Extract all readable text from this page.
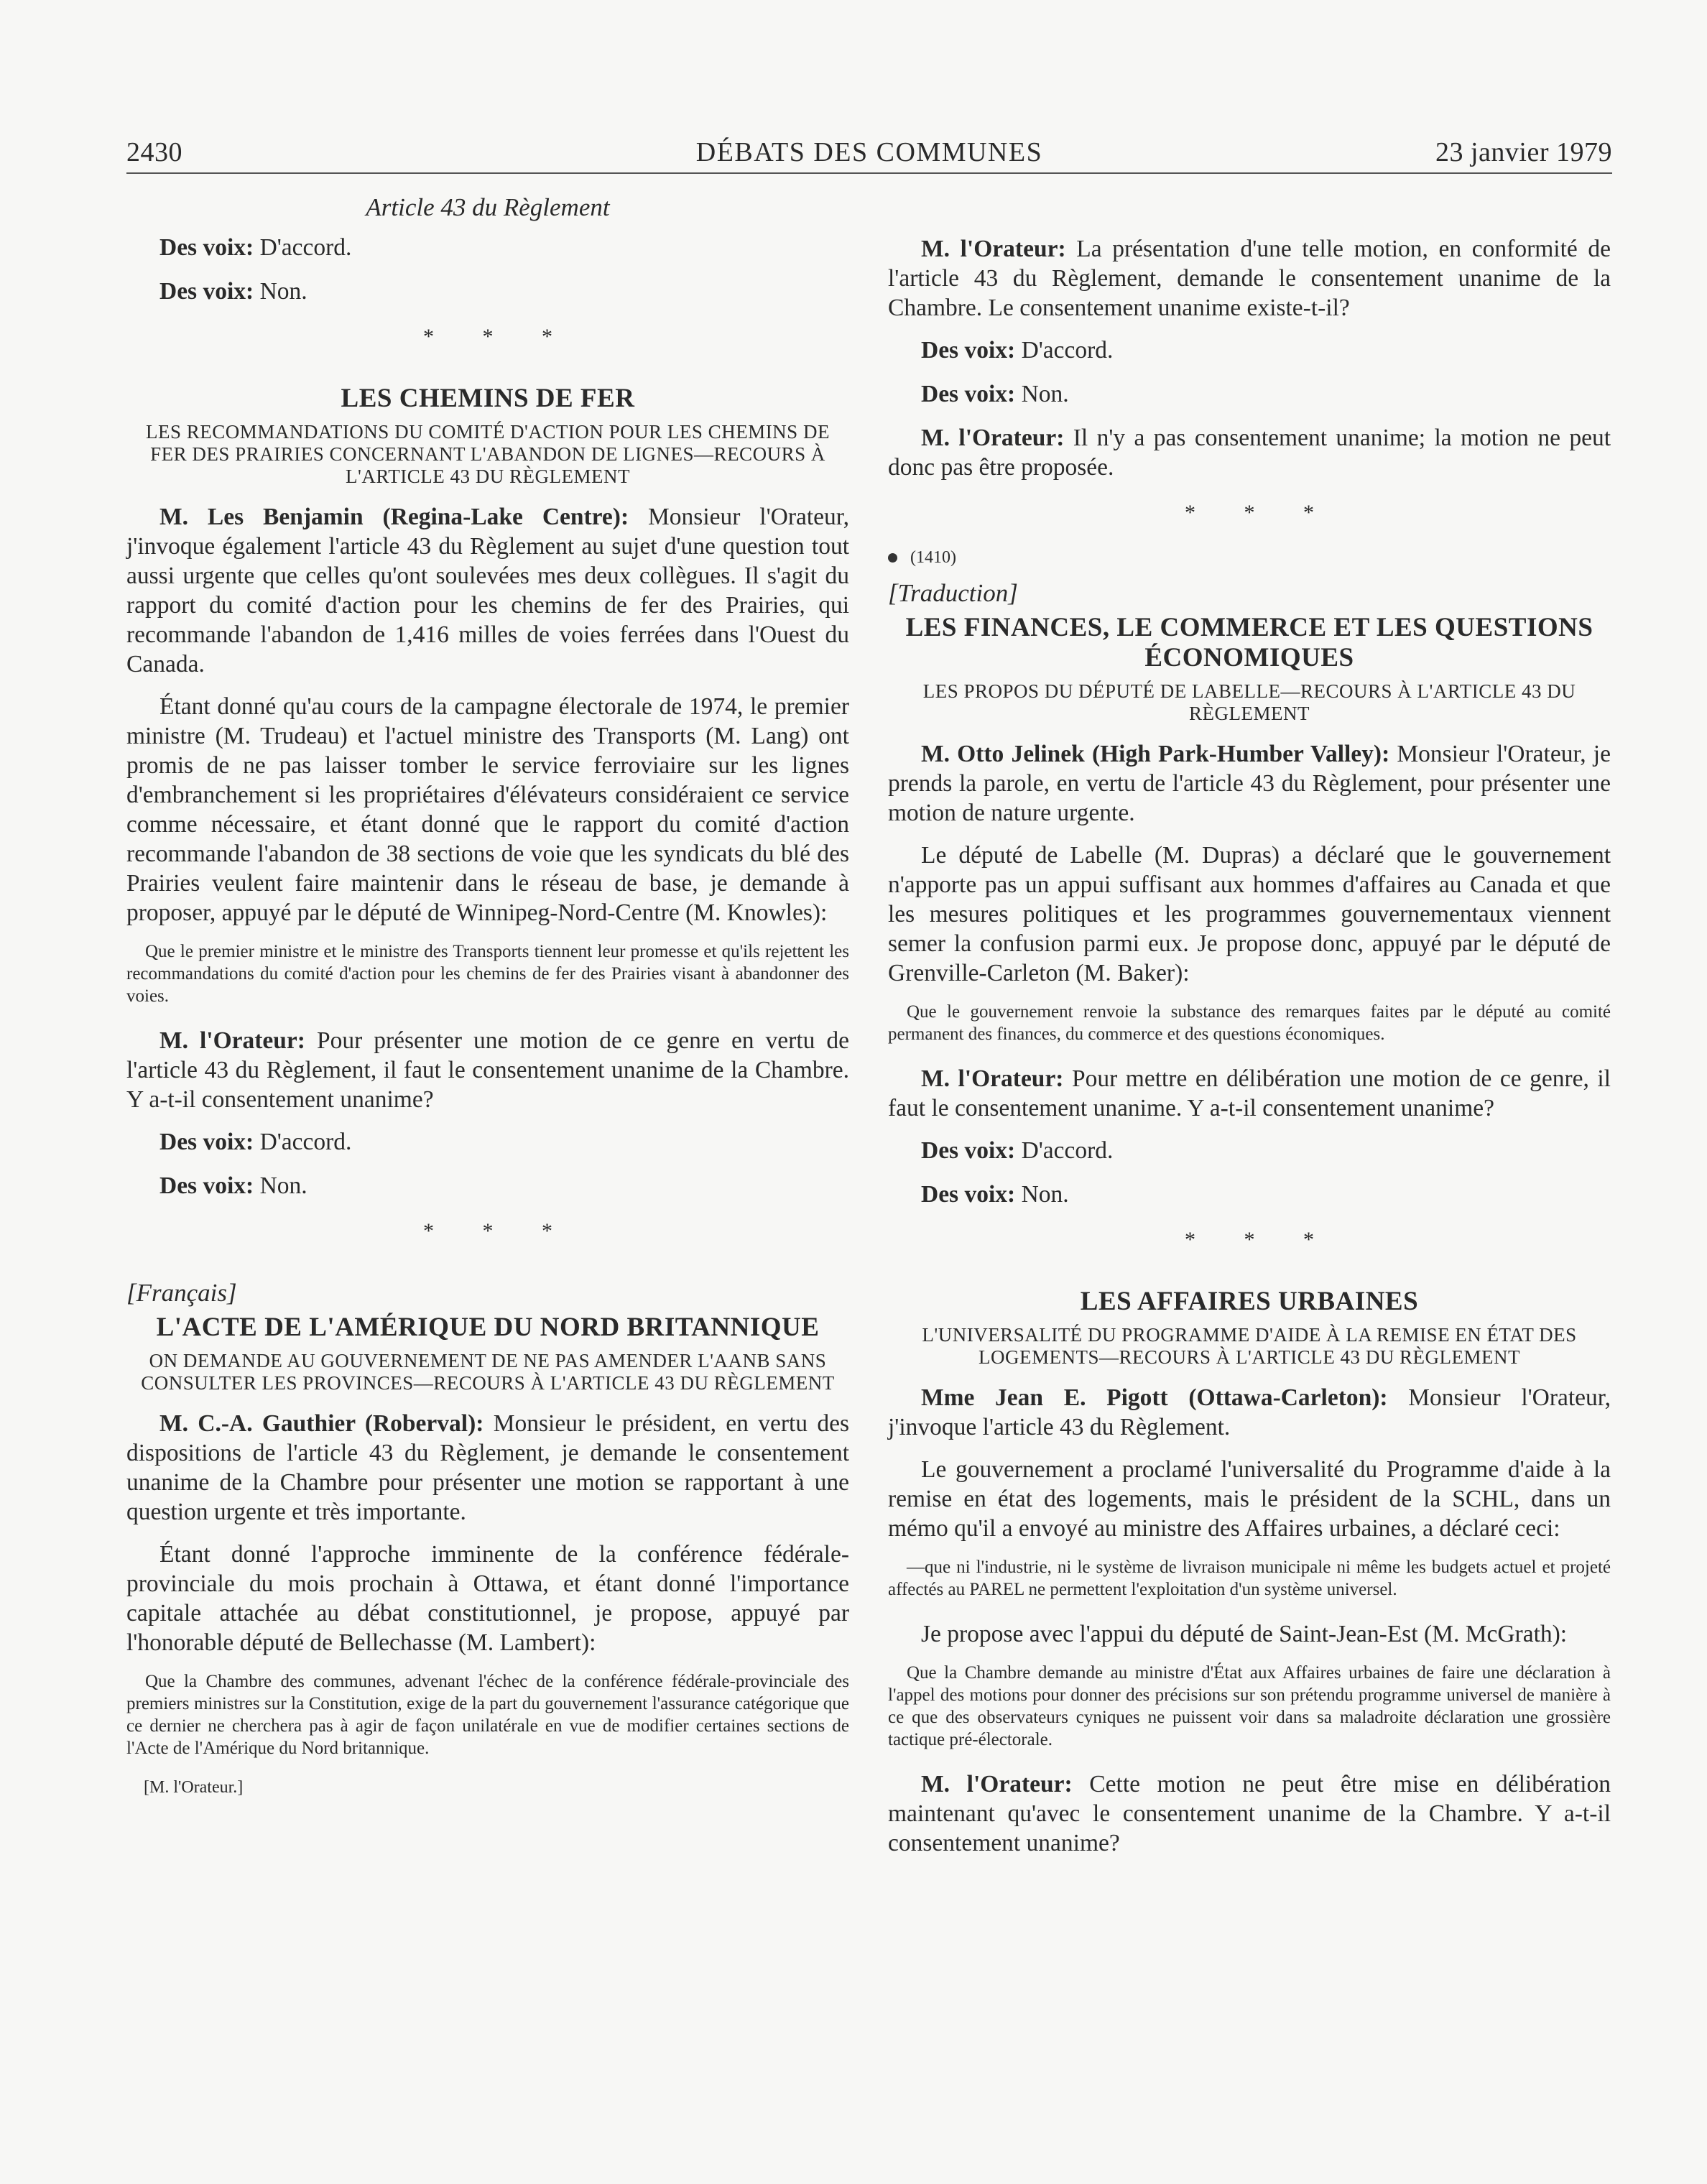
2430	DÉBATS DES COMMUNES	23 janvier 1979

Article 43 du Règlement

Des voix: D'accord.

Des voix: Non.

* * *
LES CHEMINS DE FER
LES RECOMMANDATIONS DU COMITÉ D'ACTION POUR LES CHEMINS DE FER DES PRAIRIES CONCERNANT L'ABANDON DE LIGNES—RECOURS À L'ARTICLE 43 DU RÈGLEMENT

M. Les Benjamin (Regina-Lake Centre): Monsieur l'Orateur, j'invoque également l'article 43 du Règlement au sujet d'une question tout aussi urgente que celles qu'ont soulevées mes deux collègues. Il s'agit du rapport du comité d'action pour les chemins de fer des Prairies, qui recommande l'abandon de 1,416 milles de voies ferrées dans l'Ouest du Canada.

Étant donné qu'au cours de la campagne électorale de 1974, le premier ministre (M. Trudeau) et l'actuel ministre des Transports (M. Lang) ont promis de ne pas laisser tomber le service ferroviaire sur les lignes d'embranchement si les propriétaires d'élévateurs considéraient ce service comme nécessaire, et étant donné que le rapport du comité d'action recommande l'abandon de 38 sections de voie que les syndicats du blé des Prairies veulent faire maintenir dans le réseau de base, je demande à proposer, appuyé par le député de Winnipeg-Nord-Centre (M. Knowles):

Que le premier ministre et le ministre des Transports tiennent leur promesse et qu'ils rejettent les recommandations du comité d'action pour les chemins de fer des Prairies visant à abandonner des voies.

M. l'Orateur: Pour présenter une motion de ce genre en vertu de l'article 43 du Règlement, il faut le consentement unanime de la Chambre. Y a-t-il consentement unanime?

Des voix: D'accord.

Des voix: Non.

* * *

[Français]

L'ACTE DE L'AMÉRIQUE DU NORD BRITANNIQUE
ON DEMANDE AU GOUVERNEMENT DE NE PAS AMENDER L'AANB SANS CONSULTER LES PROVINCES—RECOURS À L'ARTICLE 43 DU RÈGLEMENT

M. C.-A. Gauthier (Roberval): Monsieur le président, en vertu des dispositions de l'article 43 du Règlement, je demande le consentement unanime de la Chambre pour présenter une motion se rapportant à une question urgente et très importante.

Étant donné l'approche imminente de la conférence fédérale-provinciale du mois prochain à Ottawa, et étant donné l'importance capitale attachée au débat constitutionnel, je propose, appuyé par l'honorable député de Bellechasse (M. Lambert):

Que la Chambre des communes, advenant l'échec de la conférence fédérale-provinciale des premiers ministres sur la Constitution, exige de la part du gouvernement l'assurance catégorique que ce dernier ne cherchera pas à agir de façon unilatérale en vue de modifier certaines sections de l'Acte de l'Amérique du Nord britannique.

[M. l'Orateur.]

M. l'Orateur: La présentation d'une telle motion, en conformité de l'article 43 du Règlement, demande le consentement unanime de la Chambre. Le consentement unanime existe-t-il?

Des voix: D'accord.

Des voix: Non.

M. l'Orateur: Il n'y a pas consentement unanime; la motion ne peut donc pas être proposée.

* * *
(1410)

[Traduction]

LES FINANCES, LE COMMERCE ET LES QUESTIONS ÉCONOMIQUES
LES PROPOS DU DÉPUTÉ DE LABELLE—RECOURS À L'ARTICLE 43 DU RÈGLEMENT

M. Otto Jelinek (High Park-Humber Valley): Monsieur l'Orateur, je prends la parole, en vertu de l'article 43 du Règlement, pour présenter une motion de nature urgente.

Le député de Labelle (M. Dupras) a déclaré que le gouvernement n'apporte pas un appui suffisant aux hommes d'affaires au Canada et que les mesures politiques et les programmes gouvernementaux viennent semer la confusion parmi eux. Je propose donc, appuyé par le député de Grenville-Carleton (M. Baker):

Que le gouvernement renvoie la substance des remarques faites par le député au comité permanent des finances, du commerce et des questions économiques.

M. l'Orateur: Pour mettre en délibération une motion de ce genre, il faut le consentement unanime. Y a-t-il consentement unanime?

Des voix: D'accord.

Des voix: Non.

* * *
LES AFFAIRES URBAINES
L'UNIVERSALITÉ DU PROGRAMME D'AIDE À LA REMISE EN ÉTAT DES LOGEMENTS—RECOURS À L'ARTICLE 43 DU RÈGLEMENT

Mme Jean E. Pigott (Ottawa-Carleton): Monsieur l'Orateur, j'invoque l'article 43 du Règlement.

Le gouvernement a proclamé l'universalité du Programme d'aide à la remise en état des logements, mais le président de la SCHL, dans un mémo qu'il a envoyé au ministre des Affaires urbaines, a déclaré ceci:

—que ni l'industrie, ni le système de livraison municipale ni même les budgets actuel et projeté affectés au PAREL ne permettent l'exploitation d'un système universel.

Je propose avec l'appui du député de Saint-Jean-Est (M. McGrath):

Que la Chambre demande au ministre d'État aux Affaires urbaines de faire une déclaration à l'appel des motions pour donner des précisions sur son prétendu programme universel de manière à ce que des observateurs cyniques ne puissent voir dans sa maladroite déclaration une grossière tactique pré-électorale.

M. l'Orateur: Cette motion ne peut être mise en délibération maintenant qu'avec le consentement unanime de la Chambre. Y a-t-il consentement unanime?
